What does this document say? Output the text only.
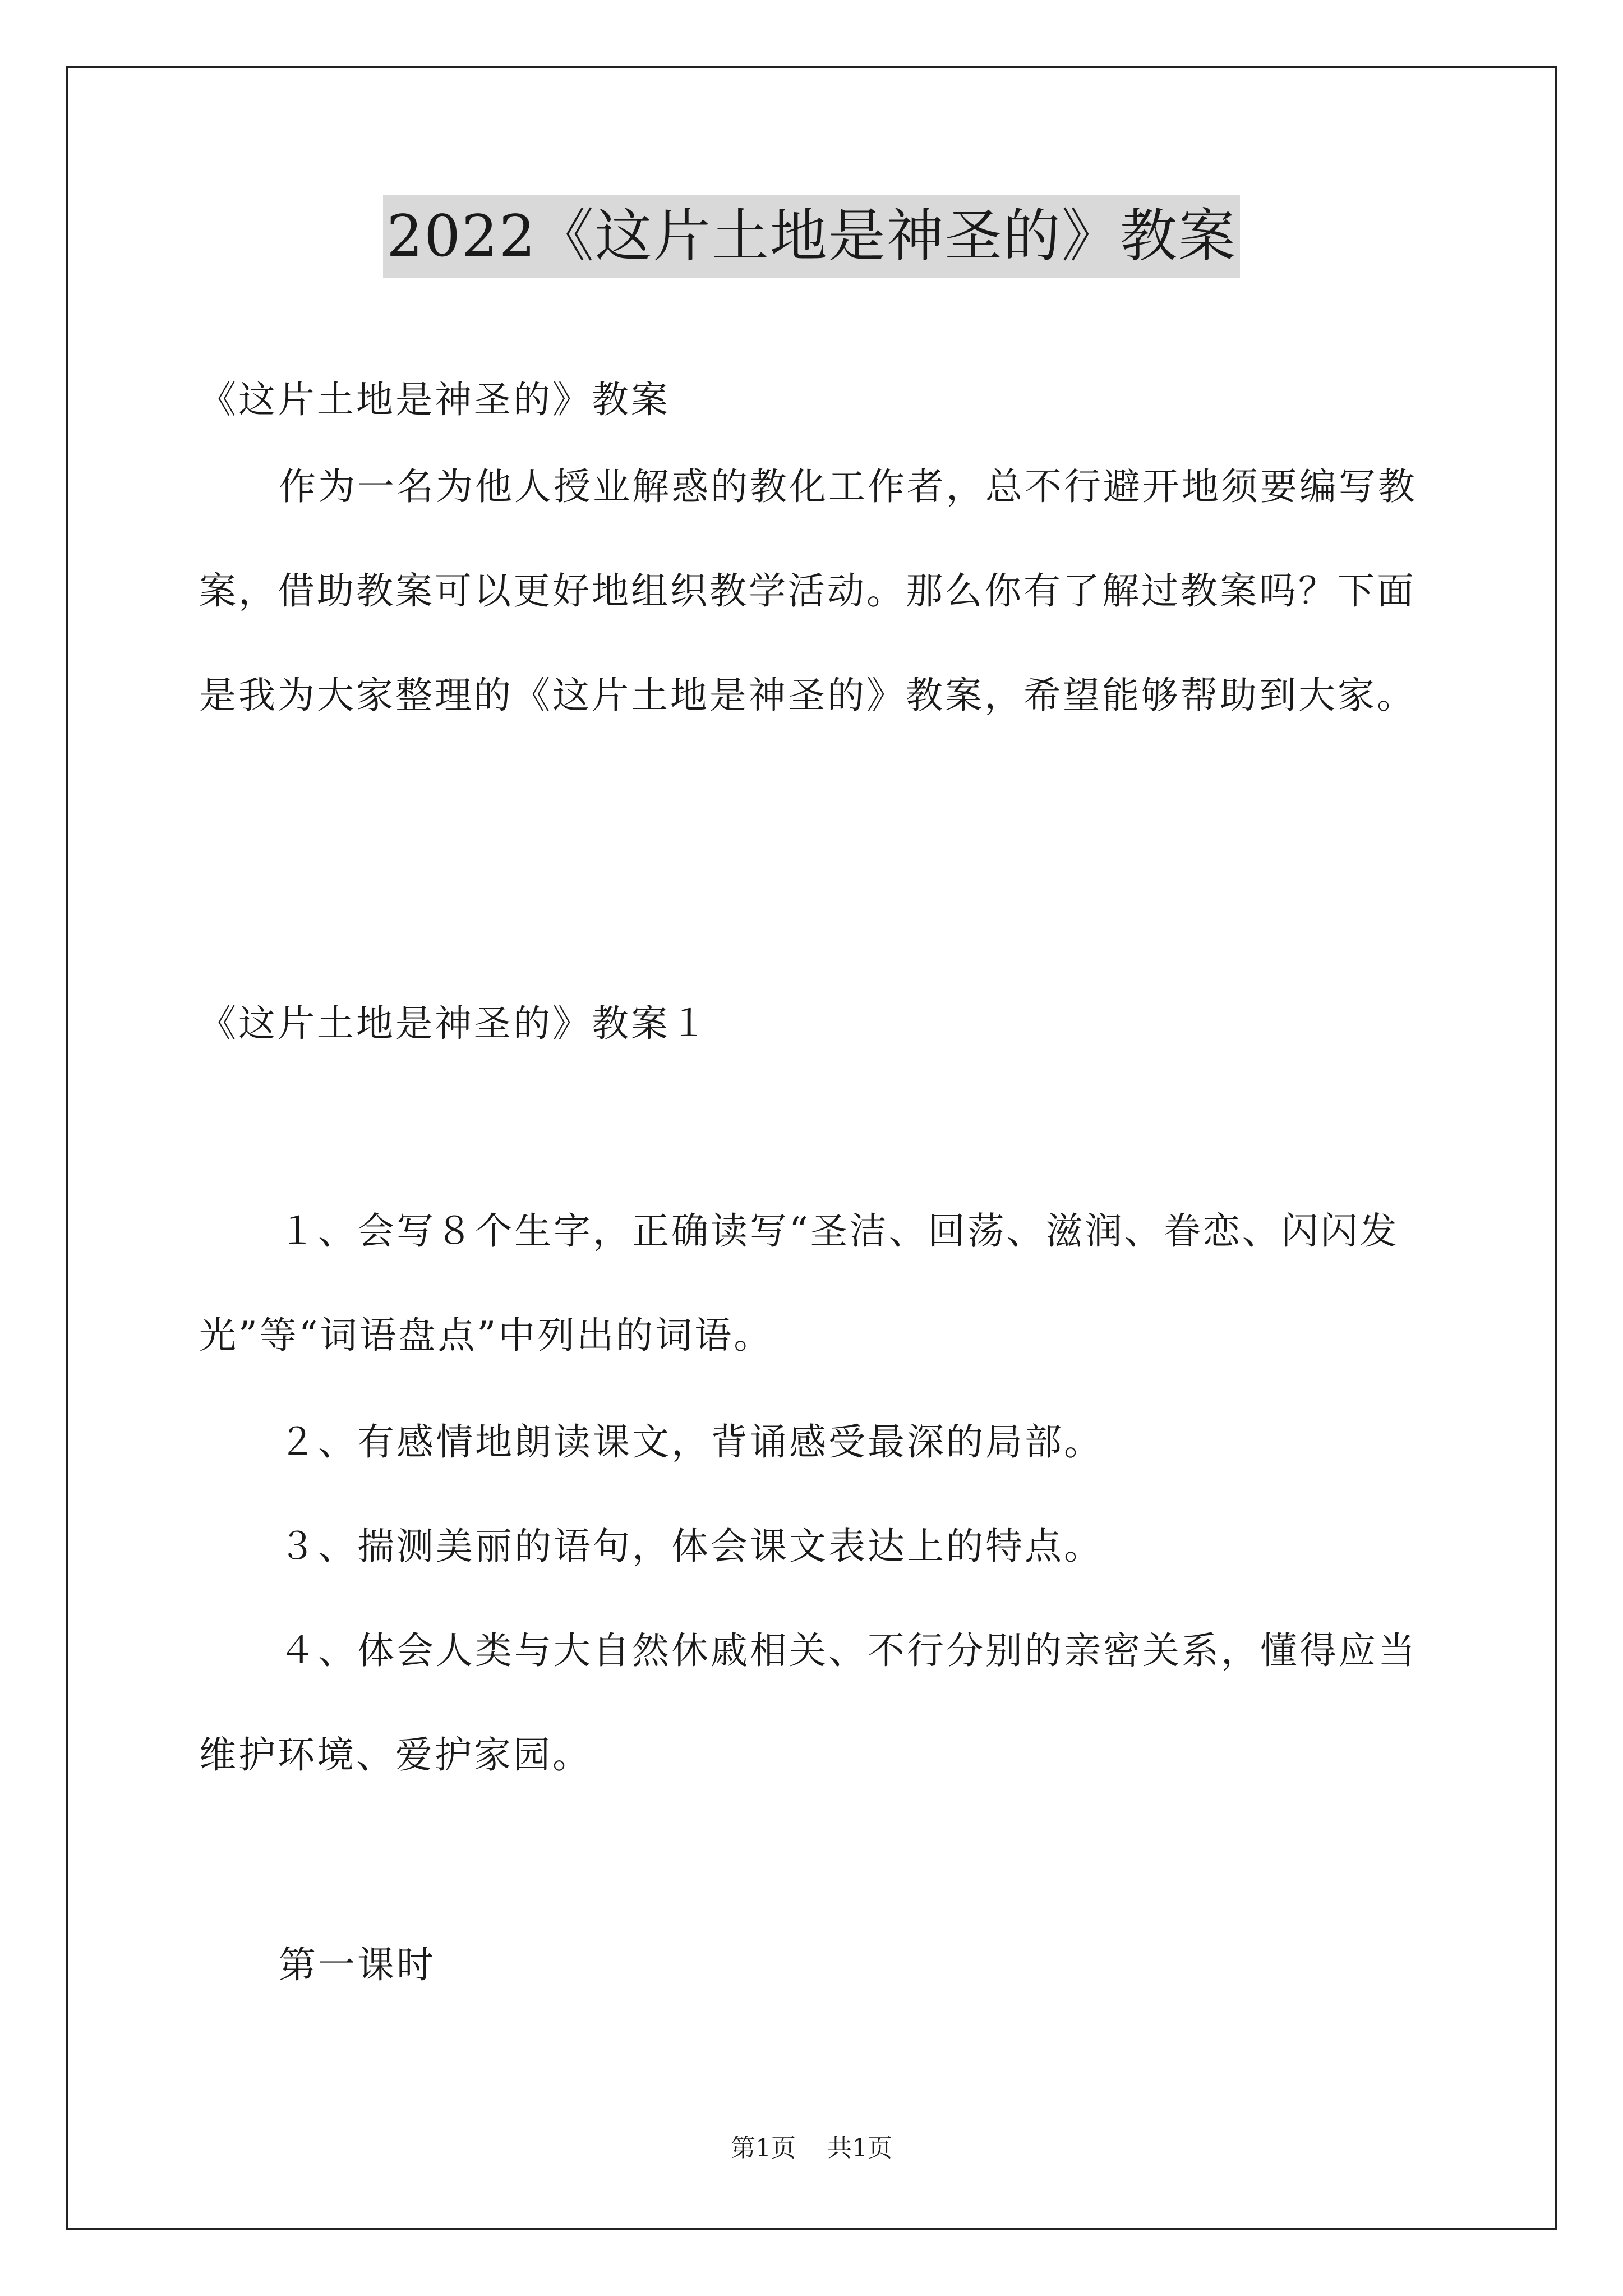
2022《这片土地是神圣的》教案

《这片土地是神圣的》教案

作为一名为他人授业解惑的教化工作者，总不行避开地须要编写教案，借助教案可以更好地组织教学活动。那么你有了解过教案吗？下面是我为大家整理的《这片土地是神圣的》教案，希望能够帮助到大家。

《这片土地是神圣的》教案１

１、会写８个生字，正确读写“圣洁、回荡、滋润、眷恋、闪闪发光”等“词语盘点”中列出的词语。

２、有感情地朗读课文，背诵感受最深的局部。

３、揣测美丽的语句，体会课文表达上的特点。

４、体会人类与大自然休戚相关、不行分别的亲密关系，懂得应当维护环境、爱护家园。

第一课时

第1页 共1页
